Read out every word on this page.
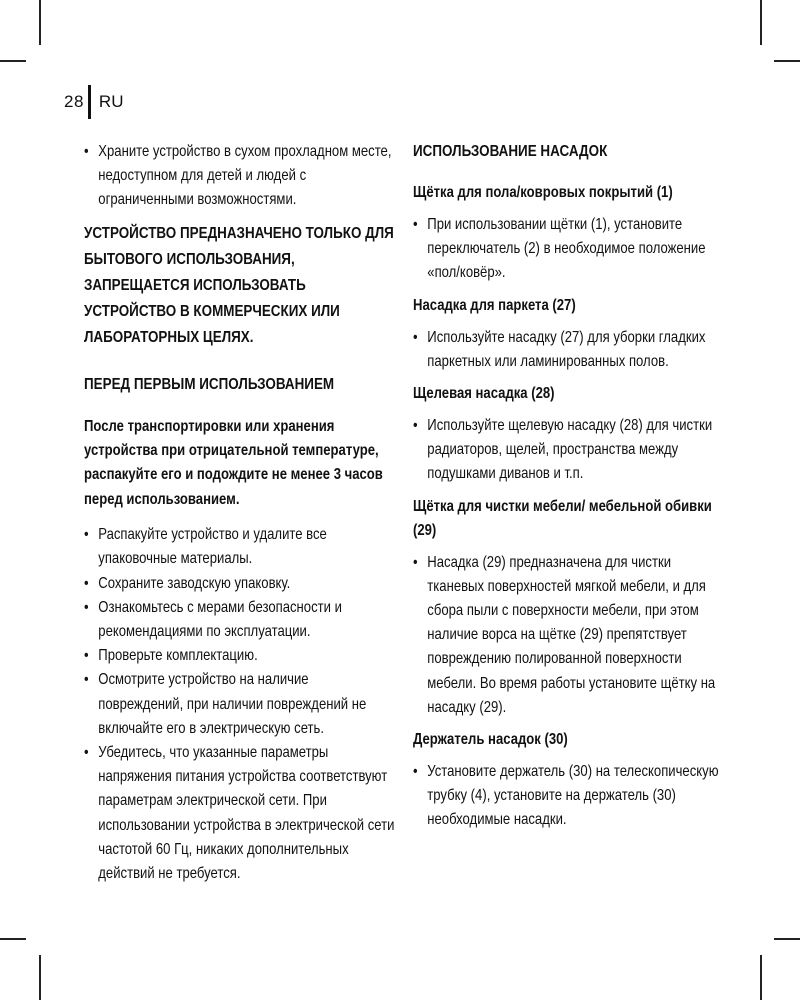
28 RU
• Храните устройство в сухом прохладном месте, недоступном для детей и людей с ограниченными возможностями.
УСТРОЙСТВО ПРЕДНАЗНАЧЕНО ТОЛЬКО ДЛЯ БЫТОВОГО ИСПОЛЬЗОВАНИЯ, ЗАПРЕЩАЕТСЯ ИСПОЛЬЗОВАТЬ УСТРОЙСТВО В КОММЕРЧЕСКИХ ИЛИ ЛАБОРАТОРНЫХ ЦЕЛЯХ.
ПЕРЕД ПЕРВЫМ ИСПОЛЬЗОВАНИЕМ
После транспортировки или хранения устройства при отрицательной температуре, распакуйте его и подождите не менее 3 часов перед использованием.
• Распакуйте устройство и удалите все упаковочные материалы.
• Сохраните заводскую упаковку.
• Ознакомьтесь с мерами безопасности и рекомендациями по эксплуатации.
• Проверьте комплектацию.
• Осмотрите устройство на наличие повреждений, при наличии повреждений не включайте его в электрическую сеть.
• Убедитесь, что указанные параметры напряжения питания устройства соответствуют параметрам электрической сети. При использовании устройства в электрической сети частотой 60 Гц, никаких дополнительных действий не требуется.
ИСПОЛЬЗОВАНИЕ НАСАДОК
Щётка для пола/ковровых покрытий (1)
• При использовании щётки (1), установите переключатель (2) в необходимое положение «пол/ковёр».
Насадка для паркета (27)
• Используйте насадку (27) для уборки гладких паркетных или ламинированных полов.
Щелевая насадка (28)
• Используйте щелевую насадку (28) для чистки радиаторов, щелей, пространства между подушками диванов и т.п.
Щётка для чистки мебели/ мебельной обивки (29)
• Насадка (29) предназначена для чистки тканевых поверхностей мягкой мебели, и для сбора пыли с поверхности мебели, при этом наличие ворса на щётке (29) препятствует повреждению полированной поверхности мебели. Во время работы установите щётку на насадку (29).
Держатель насадок (30)
• Установите держатель (30) на телескопическую трубку (4), установите на держатель (30) необходимые насадки.
